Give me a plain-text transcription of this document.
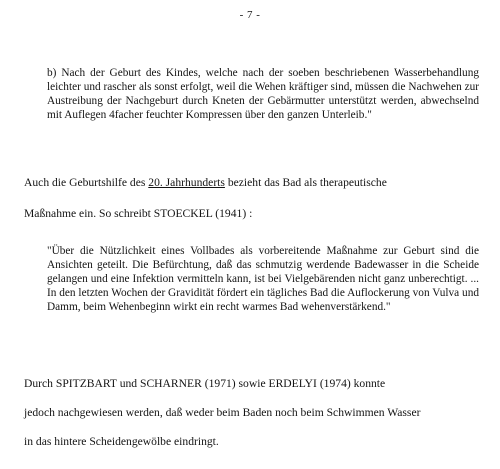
- 7 -

b) Nach der Geburt des Kindes, welche nach der soeben beschriebenen Wasserbehandlung leichter und rascher als sonst erfolgt, weil die Wehen kräftiger sind, müssen die Nachwehen zur Austreibung der Nachgeburt durch Kneten der Gebärmutter unterstützt werden, abwechselnd mit Auflegen 4facher feuchter Kompressen über den ganzen Unterleib."

Auch die Geburtshilfe des 20. Jahrhunderts bezieht das Bad als therapeutische

Maßnahme ein. So schreibt STOECKEL (1941) :

"Über die Nützlichkeit eines Vollbades als vorbereitende Maßnahme zur Geburt sind die Ansichten geteilt. Die Befürchtung, daß das schmutzig werdende Badewasser in die Scheide gelangen und eine Infektion vermitteln kann, ist bei Vielgebärenden nicht ganz unberechtigt. ... In den letzten Wochen der Gravidität fördert ein tägliches Bad die Auflockerung von Vulva und Damm, beim Wehenbeginn wirkt ein recht warmes Bad wehenverstärkend."

Durch SPITZBART und SCHARNER (1971) sowie ERDELYI (1974) konnte

jedoch nachgewiesen werden, daß weder beim Baden noch beim Schwimmen Wasser

in das hintere Scheidengewölbe eindringt.
